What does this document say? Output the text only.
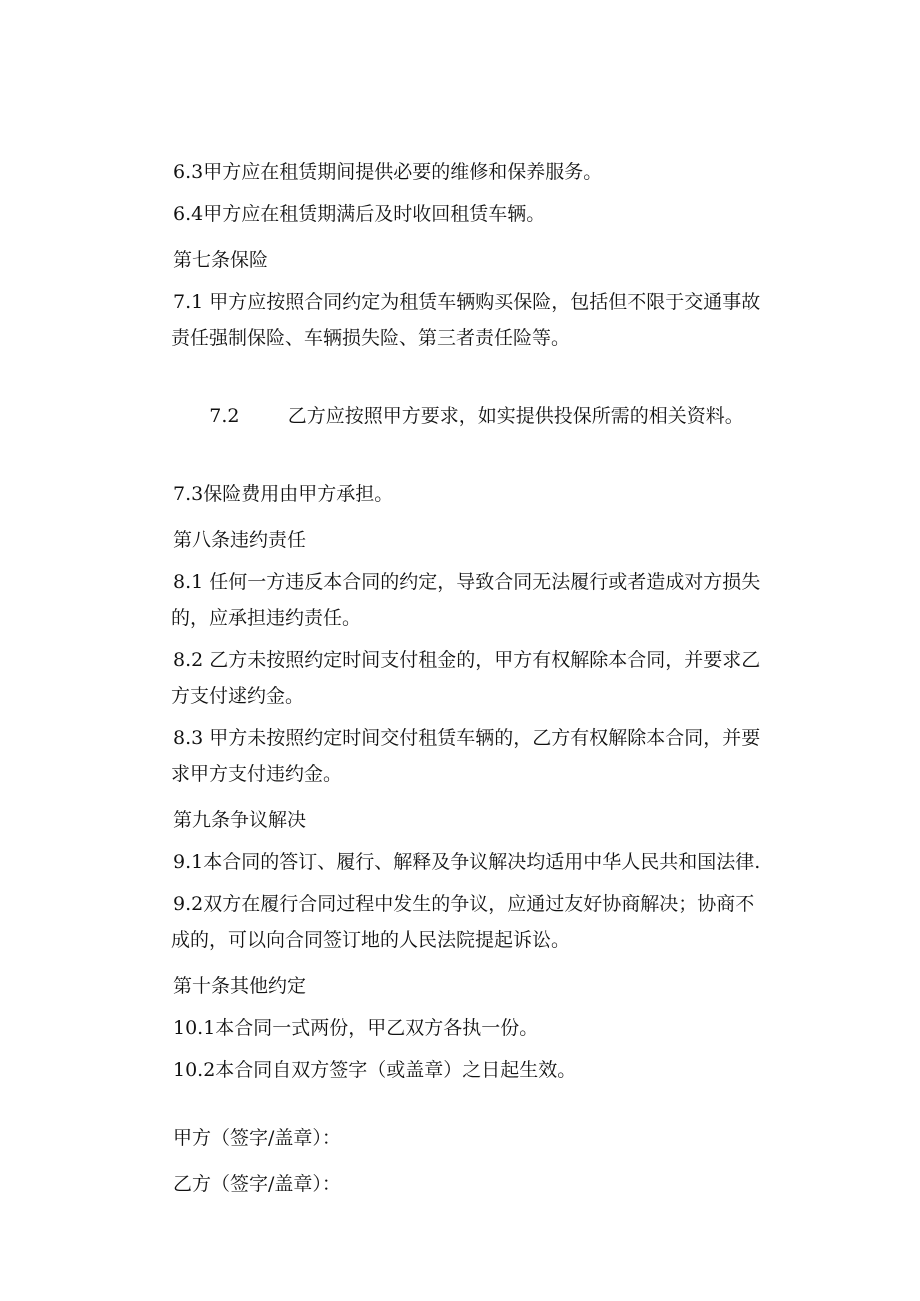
6.3甲方应在租赁期间提供必要的维修和保养服务。

6.4甲方应在租赁期满后及时收回租赁车辆。

第七条保险

7.1 甲方应按照合同约定为租赁车辆购买保险，包括但不限于交通事故

责任强制保险、车辆损失险、第三者责任险等。

7.2        乙方应按照甲方要求，如实提供投保所需的相关资料。

7.3保险费用由甲方承担。

第八条违约责任

8.1 任何一方违反本合同的约定，导致合同无法履行或者造成对方损失

的，应承担违约责任。

8.2 乙方未按照约定时间支付租金的，甲方有权解除本合同，并要求乙

方支付逑约金。

8.3 甲方未按照约定时间交付租赁车辆的，乙方有权解除本合同，并要

求甲方支付违约金。

第九条争议解决

9.1本合同的答订、履行、解释及争议解决均适用中华人民共和国法律.

9.2双方在履行合同过程中发生的争议，应通过友好协商解决；协商不

成的，可以向合同签订地的人民法院提起诉讼。

第十条其他约定

10.1本合同一式两份，甲乙双方各执一份。

10.2本合同自双方签字（或盖章）之日起生效。

甲方（签字/盖章）：

乙方（签字/盖章）：
